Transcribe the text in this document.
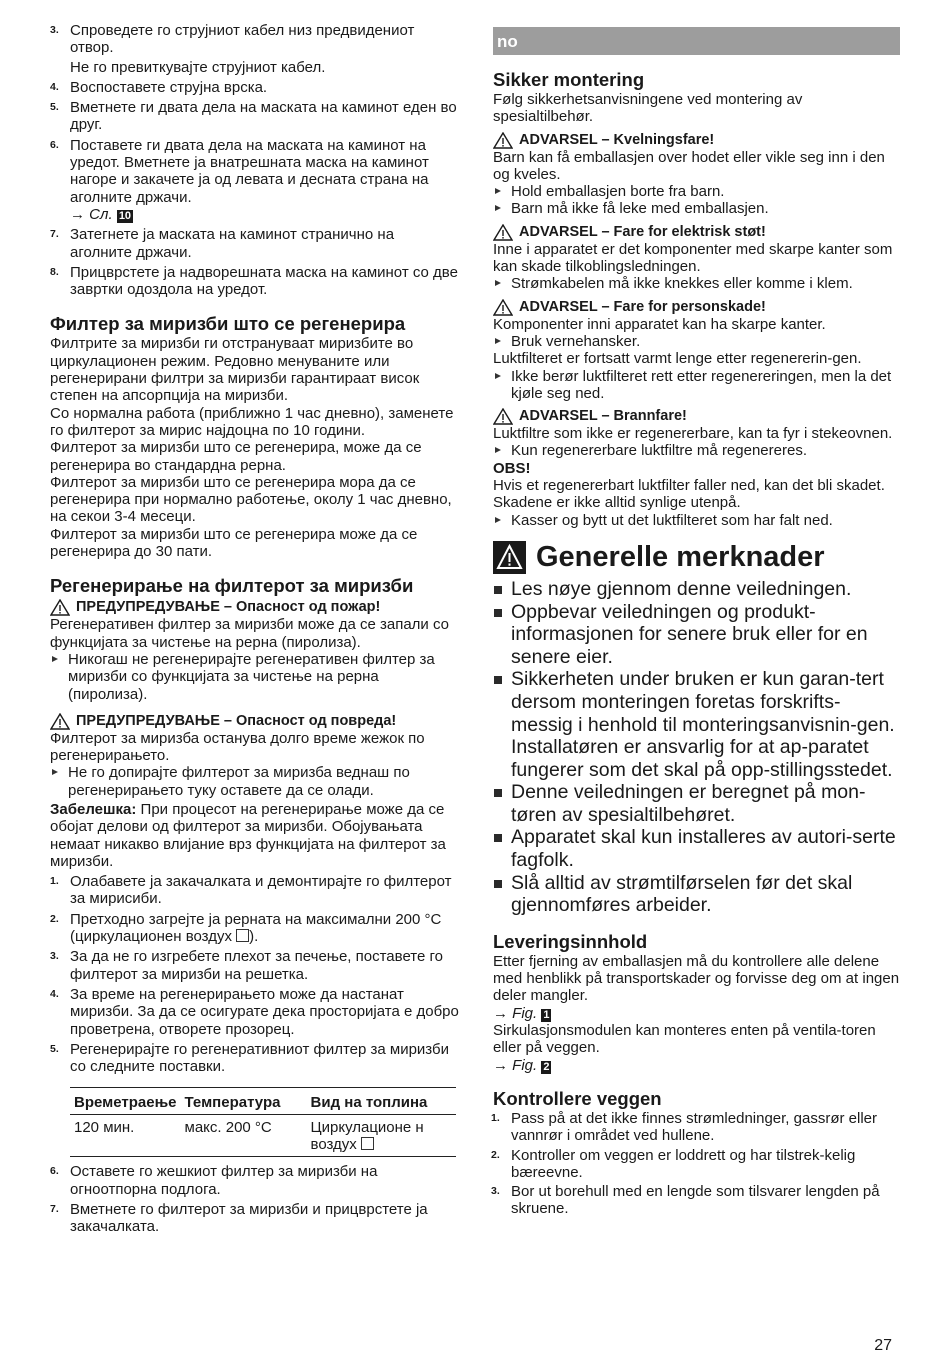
3. Спроведете го струјниот кабел низ предвидениот отвор.
Не го превиткувајте струјниот кабел.
4. Воспоставете струјна врска.
5. Вметнете ги двата дела на маската на каминот еден во друг.
6. Поставете ги двата дела на маската на каминот на уредот. Вметнете ја внатрешната маска на каминот нагоре и закачете ја од левата и десната страна на аголните држачи.
→ Сл. 10
7. Затегнете ја маската на каминот странично на аголните држачи.
8. Прицврстете ја надворешната маска на каминот со две завртки одоздола на уредот.
Филтер за миризби што се регенерира

Филтрите за миризби ги отстрануваат миризбите во циркулационен режим. Редовно менуваните или регенерирани филтри за миризби гарантираат висок степен на апсорпција на миризби.

Со нормална работа (приближно 1 час дневно), заменете го филтерот за мирис најдоцна по 10 години.

Филтерот за миризби што се регенерира, може да се регенерира во стандардна рерна.

Филтерот за миризби што се регенерира мора да се регенерира при нормално работење, околу 1 час дневно, на секои 3-4 месеци.

Филтерот за миризби што се регенерира може да се регенерира до 30 пати.

Регенерирање на филтерот за миризби
ПРЕДУПРЕДУВАЊЕ – Опасност од пожар!

Регенеративен филтер за миризби може да се запали со функцијата за чистење на рерна (пиролиза).

Никогаш не регенерирајте регенеративен филтер за миризби со функцијата за чистење на рерна (пиролиза).
ПРЕДУПРЕДУВАЊЕ – Опасност од повреда!

Филтерот за миризба останува долго време жежок по регенерирањето.

Не го допирајте филтерот за миризба веднаш по регенерирањето туку оставете да се олади.

Забелешка: При процесот на регенерирање може да се обојат делови од филтерот за миризби. Обојувањата немаат никакво влијание врз функцијата на филтерот за миризби.

1. Олабавете ја закачалката и демонтирајте го филтерот за мирисиби.
2. Претходно загрејте ја рерната на максимални 200 °C (циркулационен воздух ).
3. За да не го изгребете плехот за печење, поставете го филтерот за миризби на решетка.
4. За време на регенерирањето може да настанат миризби. За да се осигурате дека просторијата е добро проветрена, отворете прозорец.
5. Регенерирајте го регенеративниот филтер за миризби со следните поставки.
Времетраење	Температура	Вид на топлина
120 мин.	макс. 200 °C	Циркулационе н воздух
6. Оставете го жешкиот филтер за миризби на огноотпорна подлога.
7. Вметнете го филтерот за миризби и прицврстете ја закачалката.
no
Sikker montering

Følg sikkerhetsanvisningene ved montering av spesialtilbehør.

ADVARSEL – Kvelningsfare!

Barn kan få emballasjen over hodet eller vikle seg inn i den og kveles.

Hold emballasjen borte fra barn.
Barn må ikke få leke med emballasjen.
ADVARSEL – Fare for elektrisk støt!

Inne i apparatet er det komponenter med skarpe kanter som kan skade tilkoblingsledningen.

Strømkabelen må ikke knekkes eller komme i klem.
ADVARSEL – Fare for personskade!

Komponenter inni apparatet kan ha skarpe kanter.

Bruk vernehansker.

Luktfilteret er fortsatt varmt lenge etter regenererin-gen.

Ikke berør luktfilteret rett etter regenereringen, men la det kjøle seg ned.
ADVARSEL – Brannfare!

Luktfiltre som ikke er regenererbare, kan ta fyr i stekeovnen.

Kun regenererbare luktfiltre må regenereres.
OBS!

Hvis et regenererbart luktfilter faller ned, kan det bli skadet. Skadene er ikke alltid synlige utenpå.

Kasser og bytt ut det luktfilteret som har falt ned.
Generelle merknader
Les nøye gjennom denne veiledningen.
Oppbevar veiledningen og produkt-informasjonen for senere bruk eller for en senere eier.
Sikkerheten under bruken er kun garan-tert dersom monteringen foretas forskrifts-messig i henhold til monteringsanvisnin-gen. Installatøren er ansvarlig for at ap-paratet fungerer som det skal på opp-stillingsstedet.
Denne veiledningen er beregnet på mon-tøren av spesialtilbehøret.
Apparatet skal kun installeres av autori-serte fagfolk.
Slå alltid av strømtilførselen før det skal gjennomføres arbeider.
Leveringsinnhold

Etter fjerning av emballasjen må du kontrollere alle delene med henblikk på transportskader og forvisse deg om at ingen deler mangler.

→ Fig. 1

Sirkulasjonsmodulen kan monteres enten på ventila-toren eller på veggen.

→ Fig. 2
Kontrollere veggen
1. Pass på at det ikke finnes strømledninger, gassrør eller vannrør i området ved hullene.
2. Kontroller om veggen er loddrett og har tilstrek-kelig bæreevne.
3. Bor ut borehull med en lengde som tilsvarer lengden på skruene.
27
